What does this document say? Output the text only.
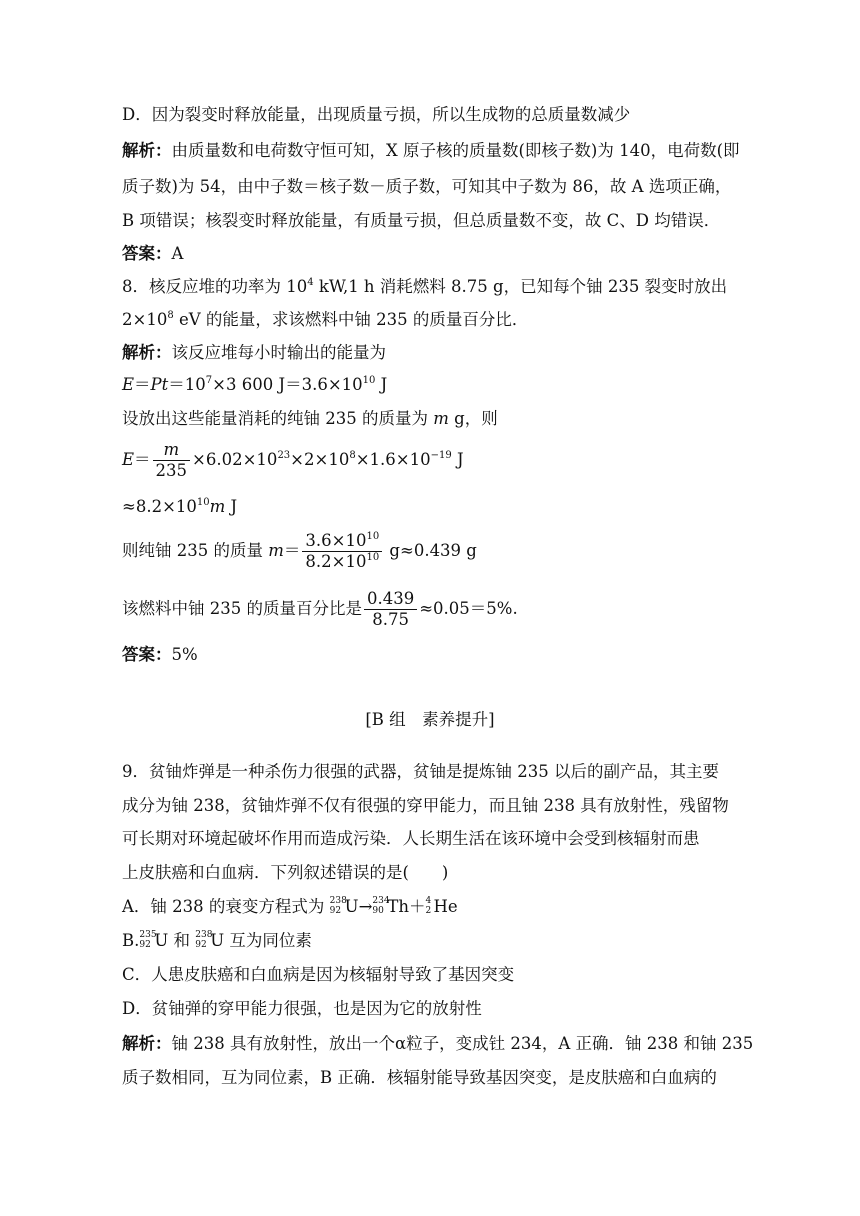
D．因为裂变时释放能量，出现质量亏损，所以生成物的总质量数减少
解析：由质量数和电荷数守恒可知，X 原子核的质量数(即核子数)为 140，电荷数(即
质子数)为 54，由中子数＝核子数－质子数，可知其中子数为 86，故 A 选项正确，
B 项错误；核裂变时释放能量，有质量亏损，但总质量数不变，故 C、D 均错误．
答案：A
8．核反应堆的功率为 $10^4$ kW,1 h 消耗燃料 8.75 g，已知每个铀 235 裂变时放出
$2\times 10^8$ eV 的能量，求该燃料中铀 235 的质量百分比．
解析：该反应堆每小时输出的能量为
$E=Pt=10^7\times 3$ 600 $J=3.6\times 10^{10}$ J
设放出这些能量消耗的纯铀 235 的质量为 m g，则
$E= \frac{m}{235} \times 6.02\times 10^{23}\times 2\times 10^8\times 1.6\times 10^{-19}$ J
$\approx 8.2\times 10^{10}m$ J
则纯铀 235 的质量 $m= \frac{3.6\times 10^{10}}{8.2\times 10^{10}} g\approx 0.439$ g
该燃料中铀 235 的质量百分比是 $\frac{0.439}{8.75} \approx 0.05=5\%$.
答案：5%
[B 组　素养提升]
9．贫铀炸弹是一种杀伤力很强的武器，贫铀是提炼铀 235 以后的副产品，其主要
成分为铀 238，贫铀炸弹不仅有很强的穿甲能力，而且铀 238 具有放射性，残留物
可长期对环境起破坏作用而造成污染．人长期生活在该环境中会受到核辐射而患
上皮肤癌和白血病．下列叙述错误的是(　　)
A．铀 238 的衰变方程式为 238
92 U→ 234
90 Th＋ 4
2 He
B. 235
92 U 和 238
92 U 互为同位素
C．人患皮肤癌和白血病是因为核辐射导致了基因突变
D．贫铀弹的穿甲能力很强，也是因为它的放射性
解析：铀 238 具有放射性，放出一个α粒子，变成钍 234，A 正确．铀 238 和铀 235
质子数相同，互为同位素，B 正确．核辐射能导致基因突变，是皮肤癌和白血病的
